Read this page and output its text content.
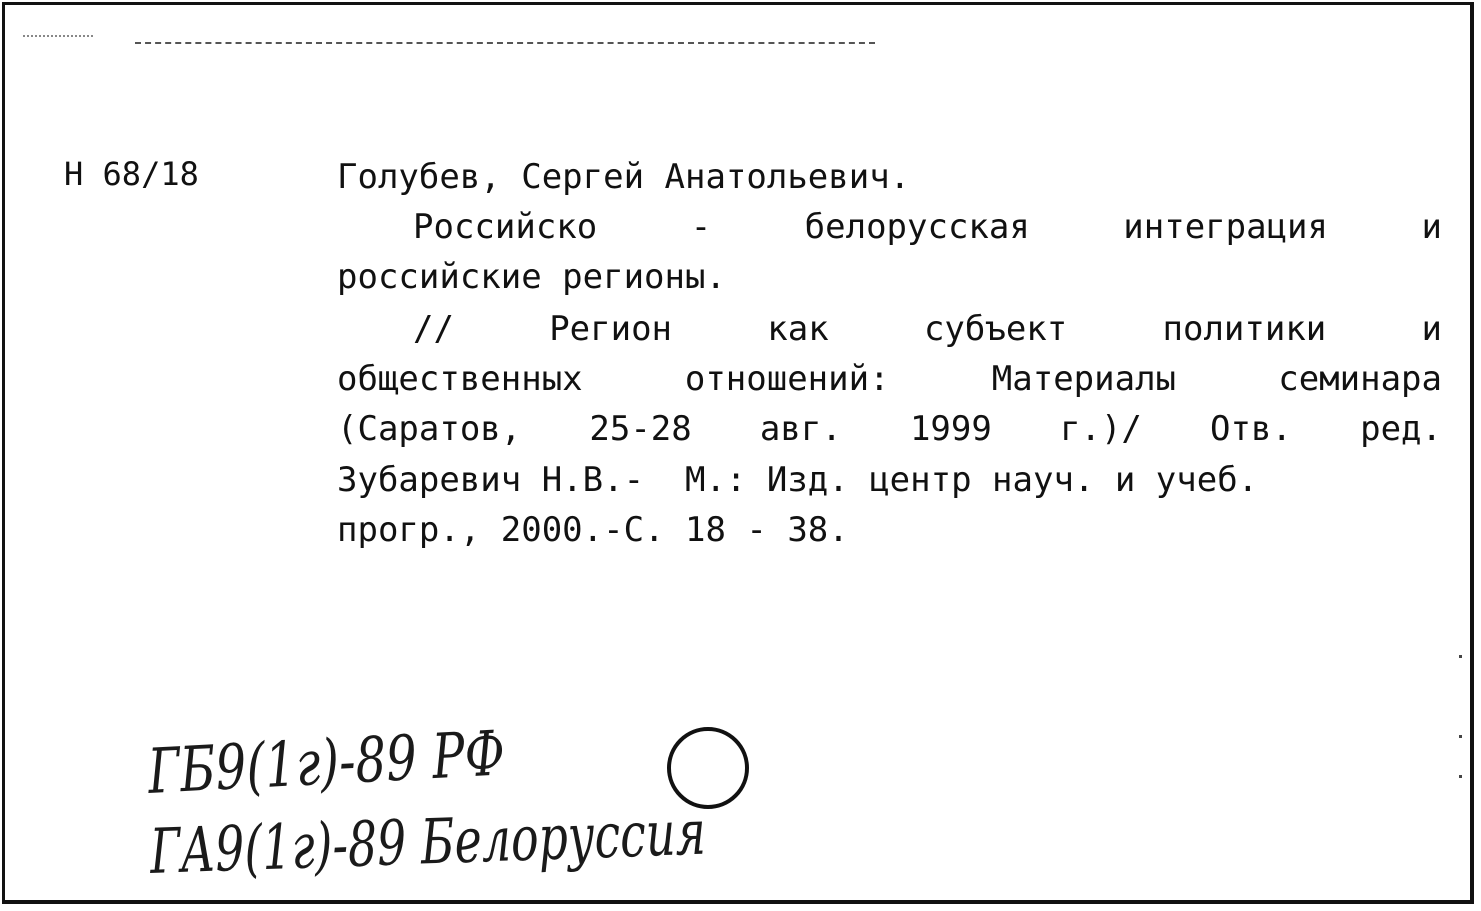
Н 68/18	Голубев, Сергей Анатольевич.
Российско	-	белорусская	интеграция	и
российские регионы.
//	Регион	как	субъект	политики	и
общественных	отношений:	Материалы	семинара
(Саратов, 25-28 авг. 1999 г.)/ Отв. ред.
Зубаревич Н.В.-  М.: Изд. центр науч. и учеб.
прогр., 2000.-С. 18 - 38.
ГБ9(1г)-89 РФ
ГА9(1г)-89 Белоруссия
